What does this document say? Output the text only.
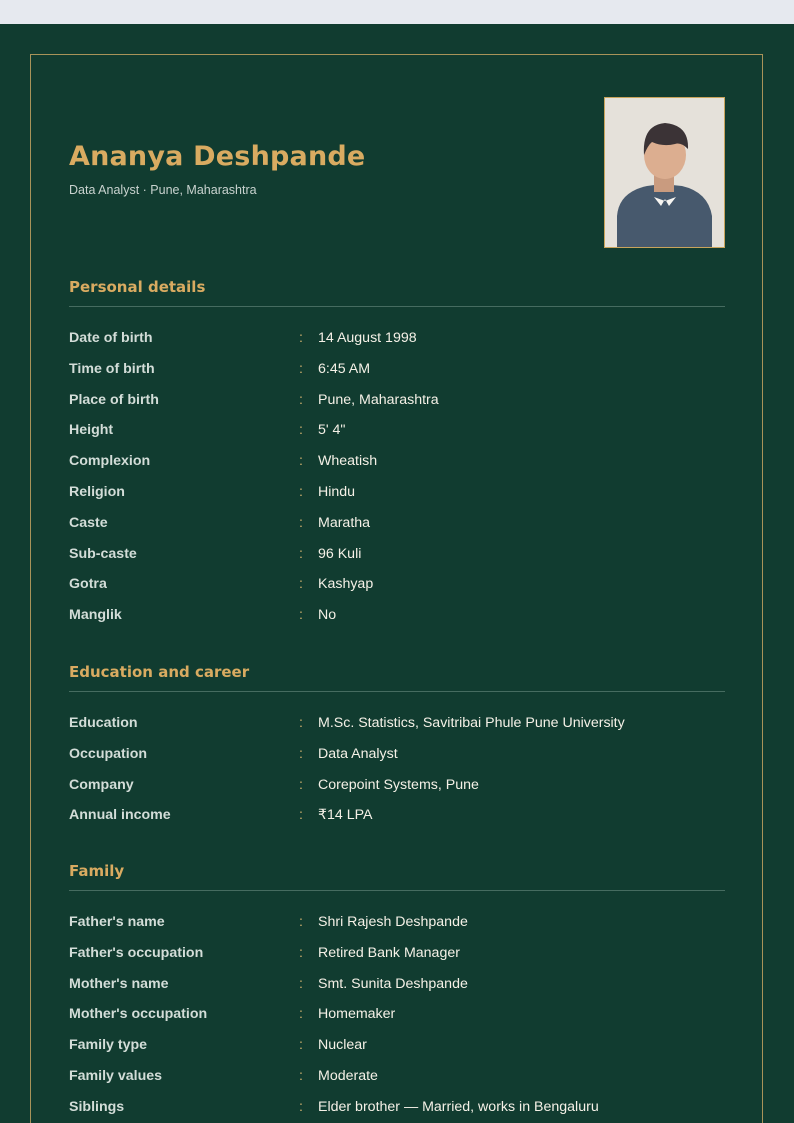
Ananya Deshpande
Data Analyst · Pune, Maharashtra
Personal details
Date of birth	: 14 August 1998
Time of birth	: 6:45 AM
Place of birth	: Pune, Maharashtra
Height	: 5' 4"
Complexion	: Wheatish
Religion	: Hindu
Caste	: Maratha
Sub-caste	: 96 Kuli
Gotra	: Kashyap
Manglik	: No
Education and career
Education	: M.Sc. Statistics, Savitribai Phule Pune University
Occupation	: Data Analyst
Company	: Corepoint Systems, Pune
Annual income	: ₹14 LPA
Family
Father's name	: Shri Rajesh Deshpande
Father's occupation	: Retired Bank Manager
Mother's name	: Smt. Sunita Deshpande
Mother's occupation	: Homemaker
Family type	: Nuclear
Family values	: Moderate
Siblings	: Elder brother — Married, works in Bengaluru
